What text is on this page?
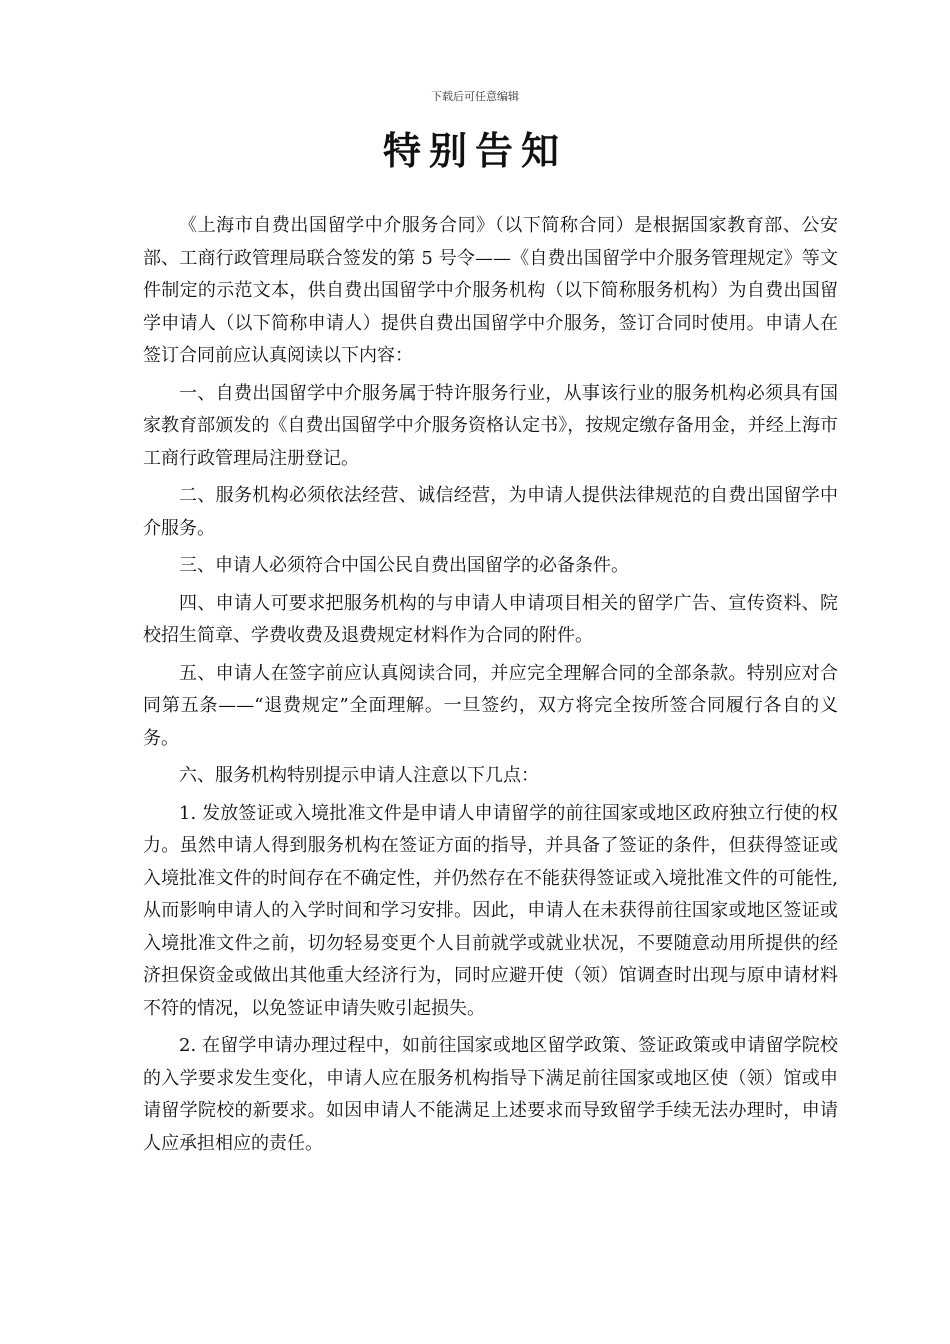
下载后可任意编辑
特别告知

《上海市自费出国留学中介服务合同》（以下简称合同）是根据国家教育部、公安部、工商行政管理局联合签发的第 5 号令——《自费出国留学中介服务管理规定》等文件制定的示范文本，供自费出国留学中介服务机构（以下简称服务机构）为自费出国留学申请人（以下简称申请人）提供自费出国留学中介服务，签订合同时使用。申请人在签订合同前应认真阅读以下内容：

一、自费出国留学中介服务属于特许服务行业，从事该行业的服务机构必须具有国家教育部颁发的《自费出国留学中介服务资格认定书》，按规定缴存备用金，并经上海市工商行政管理局注册登记。

二、服务机构必须依法经营、诚信经营，为申请人提供法律规范的自费出国留学中介服务。

三、申请人必须符合中国公民自费出国留学的必备条件。

四、申请人可要求把服务机构的与申请人申请项目相关的留学广告、宣传资料、院校招生简章、学费收费及退费规定材料作为合同的附件。

五、申请人在签字前应认真阅读合同，并应完全理解合同的全部条款。特别应对合同第五条——“退费规定”全面理解。一旦签约，双方将完全按所签合同履行各自的义务。

六、服务机构特别提示申请人注意以下几点：

1. 发放签证或入境批准文件是申请人申请留学的前往国家或地区政府独立行使的权力。虽然申请人得到服务机构在签证方面的指导，并具备了签证的条件，但获得签证或入境批准文件的时间存在不确定性，并仍然存在不能获得签证或入境批准文件的可能性, 从而影响申请人的入学时间和学习安排。因此，申请人在未获得前往国家或地区签证或入境批准文件之前，切勿轻易变更个人目前就学或就业状况，不要随意动用所提供的经济担保资金或做出其他重大经济行为，同时应避开使（领）馆调查时出现与原申请材料不符的情况，以免签证申请失败引起损失。

2. 在留学申请办理过程中，如前往国家或地区留学政策、签证政策或申请留学院校的入学要求发生变化，申请人应在服务机构指导下满足前往国家或地区使（领）馆或申请留学院校的新要求。如因申请人不能满足上述要求而导致留学手续无法办理时，申请人应承担相应的责任。
